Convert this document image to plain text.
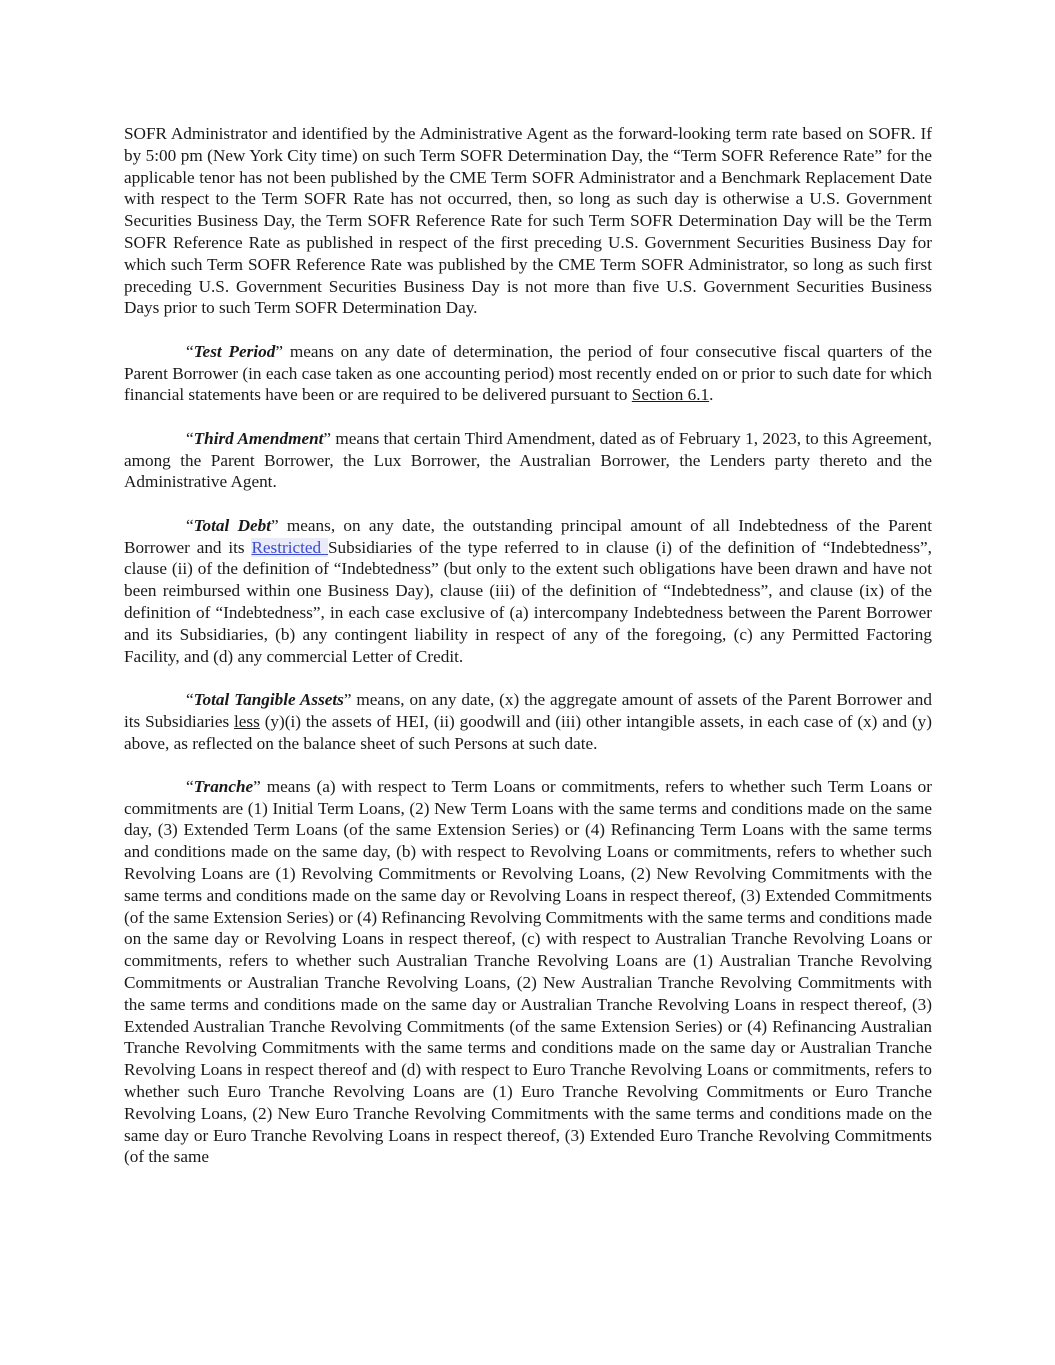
SOFR Administrator and identified by the Administrative Agent as the forward-looking term rate based on SOFR. If by 5:00 pm (New York City time) on such Term SOFR Determination Day, the “Term SOFR Reference Rate” for the applicable tenor has not been published by the CME Term SOFR Administrator and a Benchmark Replacement Date with respect to the Term SOFR Rate has not occurred, then, so long as such day is otherwise a U.S. Government Securities Business Day, the Term SOFR Reference Rate for such Term SOFR Determination Day will be the Term SOFR Reference Rate as published in respect of the first preceding U.S. Government Securities Business Day for which such Term SOFR Reference Rate was published by the CME Term SOFR Administrator, so long as such first preceding U.S. Government Securities Business Day is not more than five U.S. Government Securities Business Days prior to such Term SOFR Determination Day.

“Test Period” means on any date of determination, the period of four consecutive fiscal quarters of the Parent Borrower (in each case taken as one accounting period) most recently ended on or prior to such date for which financial statements have been or are required to be delivered pursuant to Section 6.1.

“Third Amendment” means that certain Third Amendment, dated as of February 1, 2023, to this Agreement, among the Parent Borrower, the Lux Borrower, the Australian Borrower, the Lenders party thereto and the Administrative Agent.

“Total Debt” means, on any date, the outstanding principal amount of all Indebtedness of the Parent Borrower and its Restricted Subsidiaries of the type referred to in clause (i) of the definition of “Indebtedness”, clause (ii) of the definition of “Indebtedness” (but only to the extent such obligations have been drawn and have not been reimbursed within one Business Day), clause (iii) of the definition of “Indebtedness”, and clause (ix) of the definition of “Indebtedness”, in each case exclusive of (a) intercompany Indebtedness between the Parent Borrower and its Subsidiaries, (b) any contingent liability in respect of any of the foregoing, (c) any Permitted Factoring Facility, and (d) any commercial Letter of Credit.

“Total Tangible Assets” means, on any date, (x) the aggregate amount of assets of the Parent Borrower and its Subsidiaries less (y)(i) the assets of HEI, (ii) goodwill and (iii) other intangible assets, in each case of (x) and (y) above, as reflected on the balance sheet of such Persons at such date.

“Tranche” means (a) with respect to Term Loans or commitments, refers to whether such Term Loans or commitments are (1) Initial Term Loans, (2) New Term Loans with the same terms and conditions made on the same day, (3) Extended Term Loans (of the same Extension Series) or (4) Refinancing Term Loans with the same terms and conditions made on the same day, (b) with respect to Revolving Loans or commitments, refers to whether such Revolving Loans are (1) Revolving Commitments or Revolving Loans, (2) New Revolving Commitments with the same terms and conditions made on the same day or Revolving Loans in respect thereof, (3) Extended Commitments (of the same Extension Series) or (4) Refinancing Revolving Commitments with the same terms and conditions made on the same day or Revolving Loans in respect thereof, (c) with respect to Australian Tranche Revolving Loans or commitments, refers to whether such Australian Tranche Revolving Loans are (1) Australian Tranche Revolving Commitments or Australian Tranche Revolving Loans, (2) New Australian Tranche Revolving Commitments with the same terms and conditions made on the same day or Australian Tranche Revolving Loans in respect thereof, (3) Extended Australian Tranche Revolving Commitments (of the same Extension Series) or (4) Refinancing Australian Tranche Revolving Commitments with the same terms and conditions made on the same day or Australian Tranche Revolving Loans in respect thereof and (d) with respect to Euro Tranche Revolving Loans or commitments, refers to whether such Euro Tranche Revolving Loans are (1) Euro Tranche Revolving Commitments or Euro Tranche Revolving Loans, (2) New Euro Tranche Revolving Commitments with the same terms and conditions made on the same day or Euro Tranche Revolving Loans in respect thereof, (3) Extended Euro Tranche Revolving Commitments (of the same
